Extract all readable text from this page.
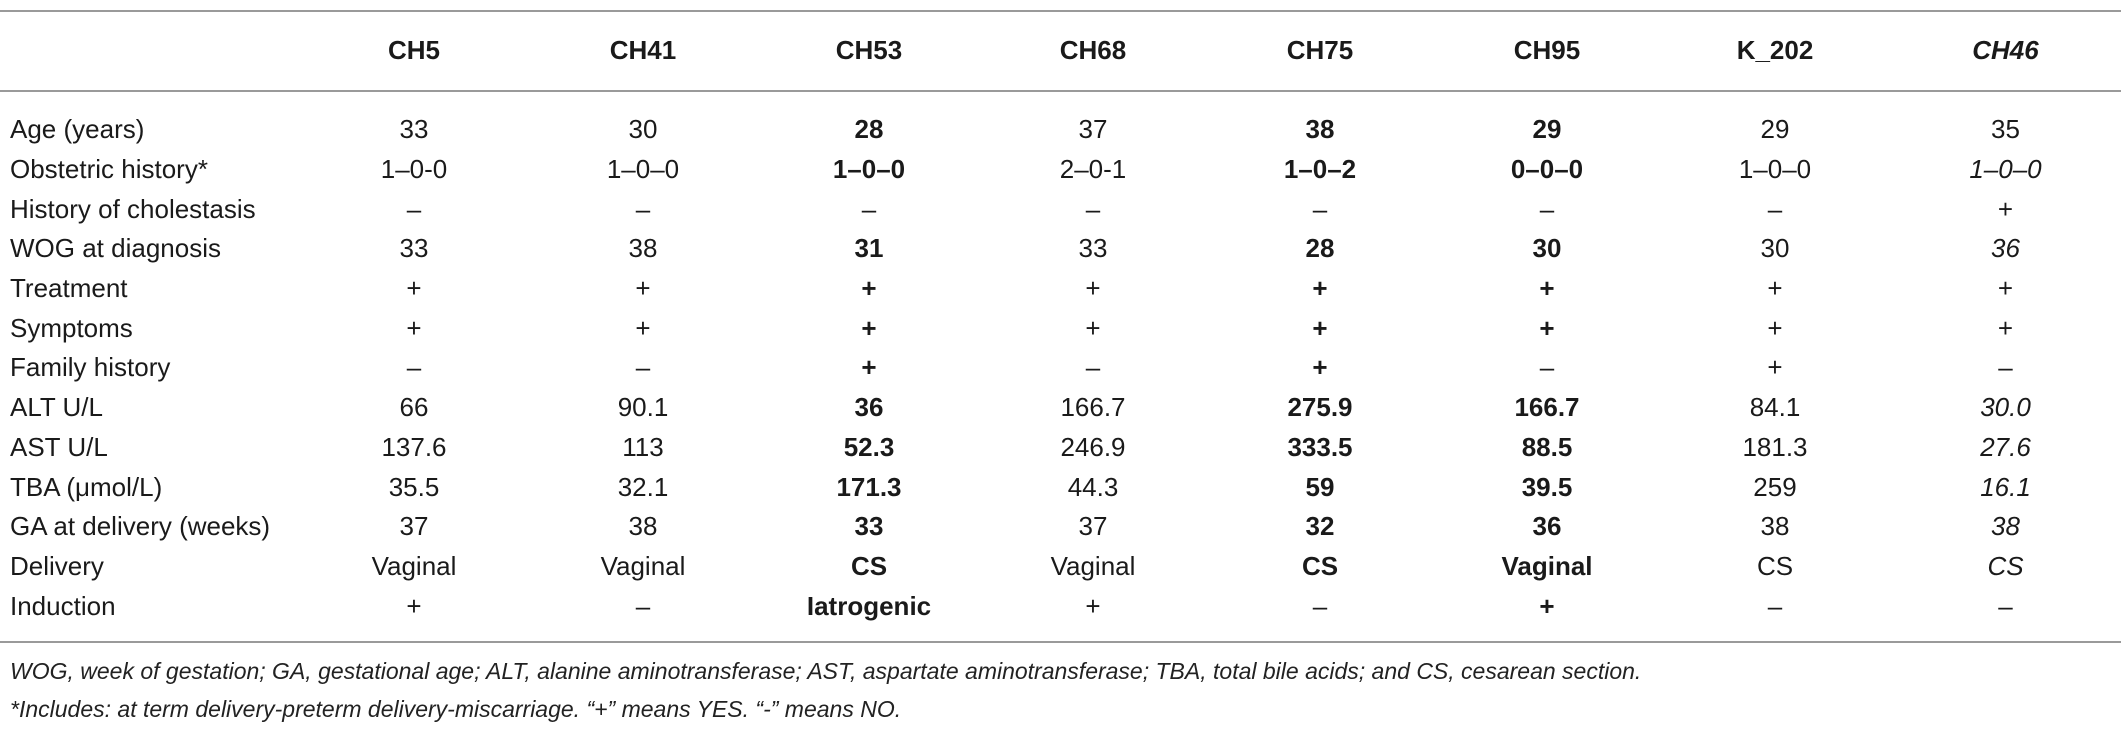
	CH5	CH41	CH53	CH68	CH75	CH95	K_202	CH46
Age (years)	33	30	28	37	38	29	29	35
Obstetric history*	1–0-0	1–0–0	1–0–0	2–0-1	1–0–2	0–0–0	1–0–0	1–0–0
History of cholestasis	–	–	–	–	–	–	–	+
WOG at diagnosis	33	38	31	33	28	30	30	36
Treatment	+	+	+	+	+	+	+	+
Symptoms	+	+	+	+	+	+	+	+
Family history	–	–	+	–	+	–	+	–
ALT U/L	66	90.1	36	166.7	275.9	166.7	84.1	30.0
AST U/L	137.6	113	52.3	246.9	333.5	88.5	181.3	27.6
TBA (μmol/L)	35.5	32.1	171.3	44.3	59	39.5	259	16.1
GA at delivery (weeks)	37	38	33	37	32	36	38	38
Delivery	Vaginal	Vaginal	CS	Vaginal	CS	Vaginal	CS	CS
Induction	+	–	Iatrogenic	+	–	+	–	–
WOG, week of gestation; GA, gestational age; ALT, alanine aminotransferase; AST, aspartate aminotransferase; TBA, total bile acids; and CS, cesarean section.
*Includes: at term delivery-preterm delivery-miscarriage. “+” means YES. “-” means NO.
